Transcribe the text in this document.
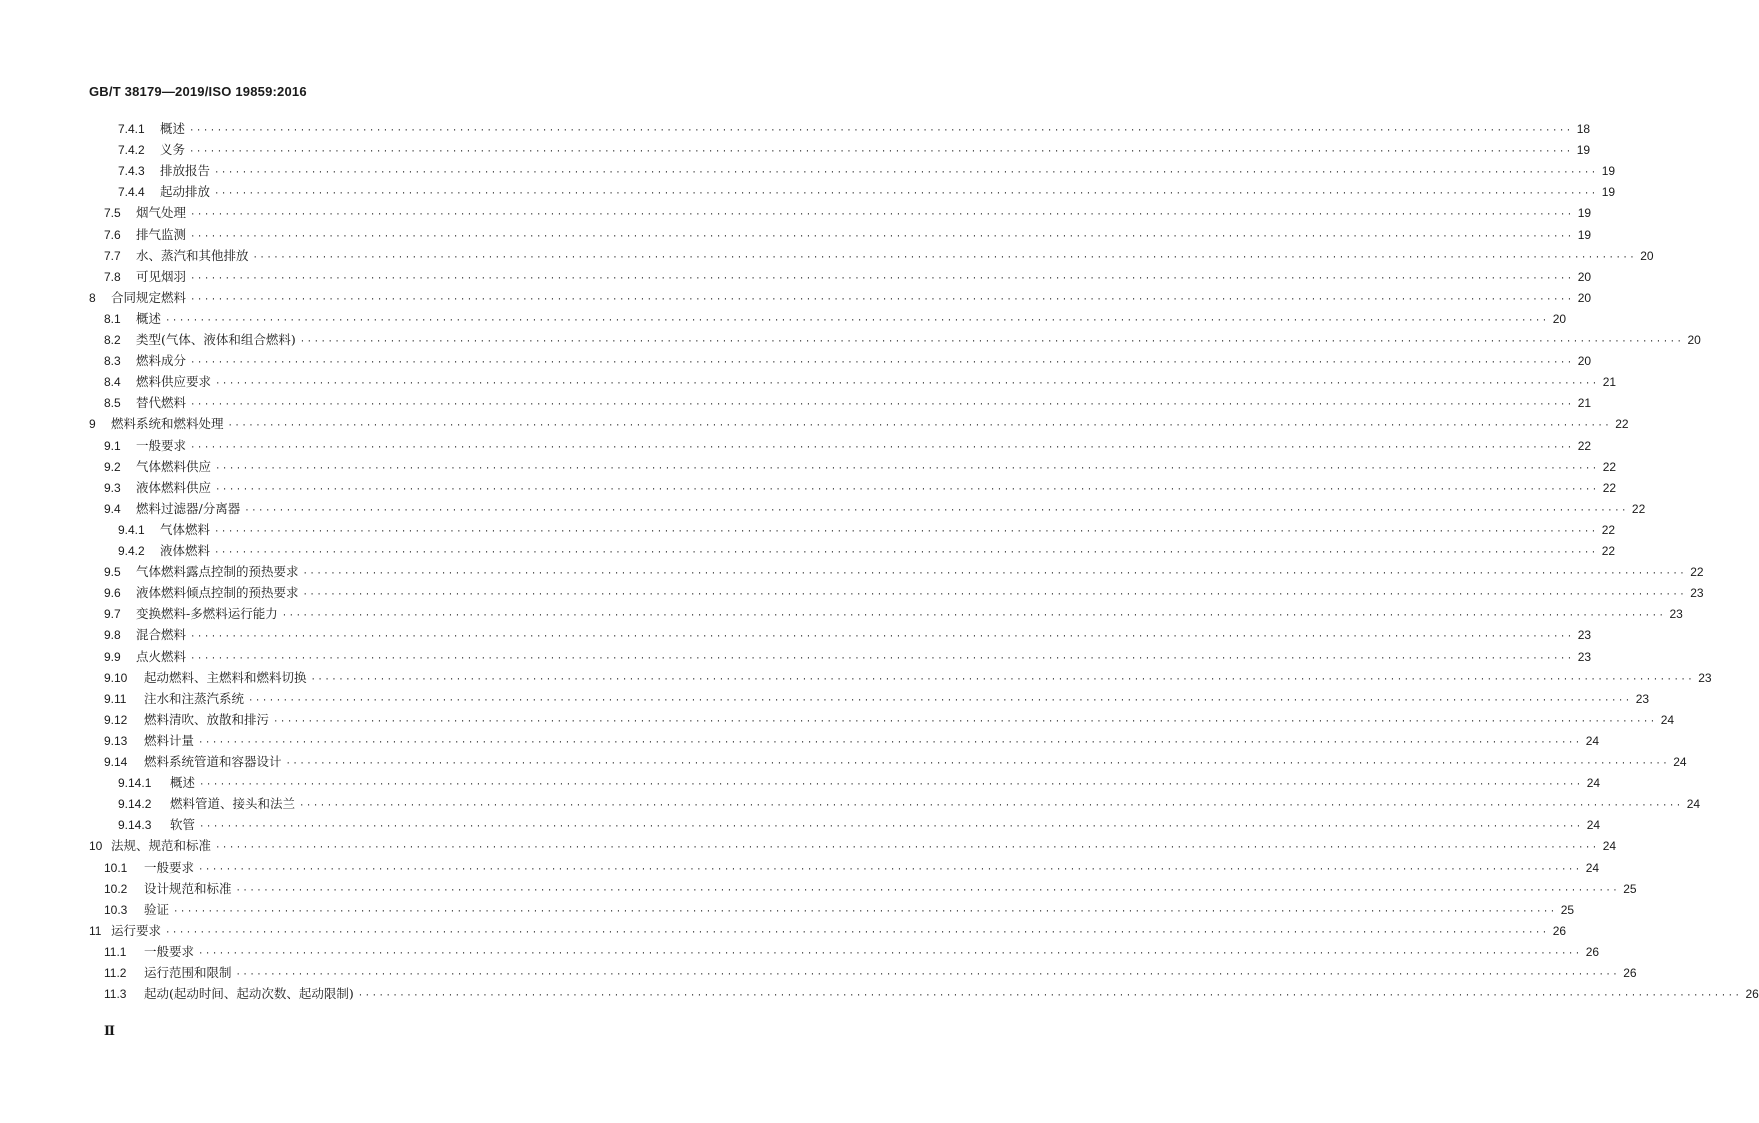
GB/T 38179—2019/ISO 19859:2016
7.4.1	概述 ········································································································································································································ 18
7.4.2	义务 ········································································································································································································ 19
7.4.3	排放报告 ········································································································································································································ 19
7.4.4	起动排放 ········································································································································································································ 19
7.5	烟气处理 ········································································································································································································ 19
7.6	排气监测 ········································································································································································································ 19
7.7	水、蒸汽和其他排放 ········································································································································································································ 20
7.8	可见烟羽 ········································································································································································································ 20
8	合同规定燃料 ········································································································································································································ 20
8.1	概述 ········································································································································································································ 20
8.2	类型(气体、液体和组合燃料) ········································································································································································································ 20
8.3	燃料成分 ········································································································································································································ 20
8.4	燃料供应要求 ········································································································································································································ 21
8.5	替代燃料 ········································································································································································································ 21
9	燃料系统和燃料处理 ········································································································································································································ 22
9.1	一般要求 ········································································································································································································ 22
9.2	气体燃料供应 ········································································································································································································ 22
9.3	液体燃料供应 ········································································································································································································ 22
9.4	燃料过滤器/分离器 ········································································································································································································ 22
9.4.1	气体燃料 ········································································································································································································ 22
9.4.2	液体燃料 ········································································································································································································ 22
9.5	气体燃料露点控制的预热要求 ········································································································································································································ 22
9.6	液体燃料倾点控制的预热要求 ········································································································································································································ 23
9.7	变换燃料-多燃料运行能力 ········································································································································································································ 23
9.8	混合燃料 ········································································································································································································ 23
9.9	点火燃料 ········································································································································································································ 23
9.10	起动燃料、主燃料和燃料切换 ········································································································································································································ 23
9.11	注水和注蒸汽系统 ········································································································································································································ 23
9.12	燃料清吹、放散和排污 ········································································································································································································ 24
9.13	燃料计量 ········································································································································································································ 24
9.14	燃料系统管道和容器设计 ········································································································································································································ 24
9.14.1	概述 ········································································································································································································ 24
9.14.2	燃料管道、接头和法兰 ········································································································································································································ 24
9.14.3	软管 ········································································································································································································ 24
10 法规、规范和标准 ········································································································································································································ 24
10.1	一般要求 ········································································································································································································ 24
10.2	设计规范和标准 ········································································································································································································ 25
10.3	验证 ········································································································································································································ 25
11 运行要求 ········································································································································································································ 26
11.1	一般要求 ········································································································································································································ 26
11.2	运行范围和限制 ········································································································································································································ 26
11.3	起动(起动时间、起动次数、起动限制) ········································································································································································································ 26
Ⅱ
